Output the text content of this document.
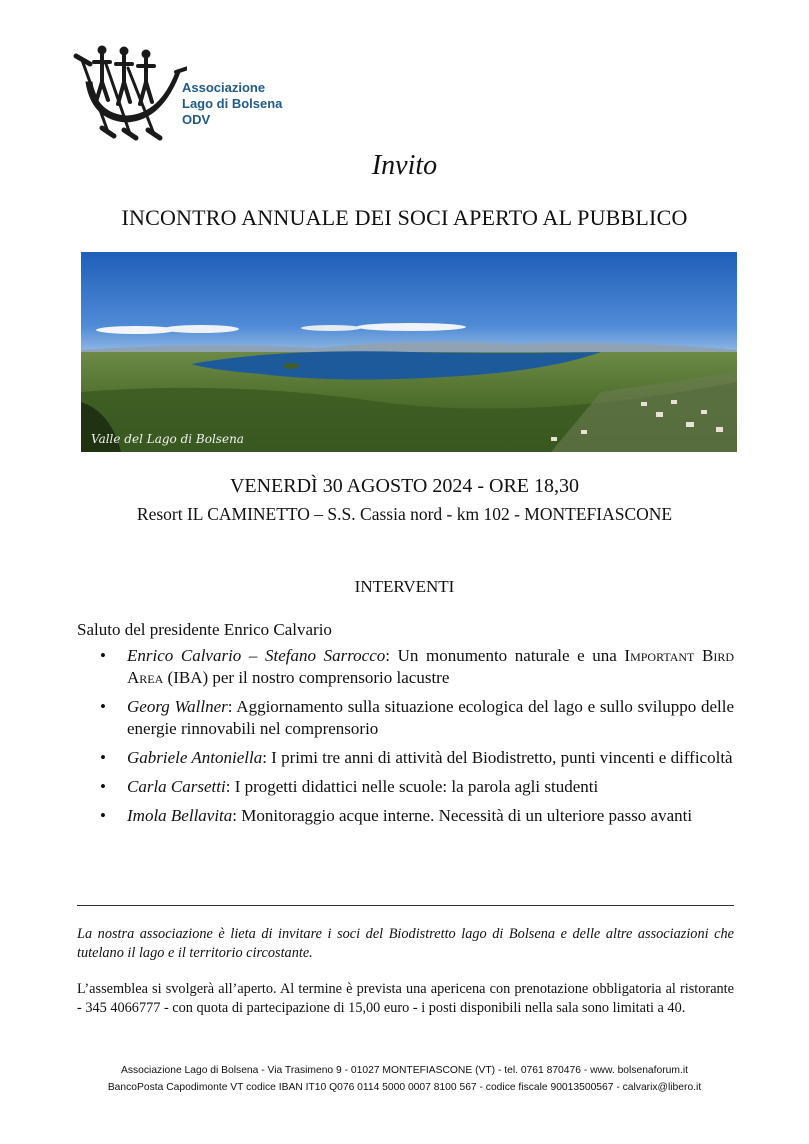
Associazione
Lago di Bolsena
ODV
Invito
INCONTRO ANNUALE DEI SOCI APERTO AL PUBBLICO
Valle del Lago di Bolsena
VENERDÌ 30 AGOSTO 2024 - ORE 18,30
Resort IL CAMINETTO – S.S. Cassia nord - km 102 - MONTEFIASCONE
INTERVENTI
Saluto del presidente Enrico Calvario
• Enrico Calvario – Stefano Sarrocco: Un monumento naturale e una Important Bird Area (IBA) per il nostro comprensorio lacustre
• Georg Wallner: Aggiornamento sulla situazione ecologica del lago e sullo sviluppo delle energie rinnovabili nel comprensorio
• Gabriele Antoniella: I primi tre anni di attività del Biodistretto, punti vincenti e difficoltà
• Carla Carsetti: I progetti didattici nelle scuole: la parola agli studenti
• Imola Bellavita: Monitoraggio acque interne. Necessità di un ulteriore passo avanti
La nostra associazione è lieta di invitare i soci del Biodistretto lago di Bolsena e delle altre associazioni che tutelano il lago e il territorio circostante.
L’assemblea si svolgerà all’aperto. Al termine è prevista una apericena con prenotazione obbligatoria al ristorante - 345 4066777 - con quota di partecipazione di 15,00 euro - i posti disponibili nella sala sono limitati a 40.
Associazione Lago di Bolsena - Via Trasimeno 9 - 01027 MONTEFIASCONE (VT) - tel. 0761 870476 - www. bolsenaforum.it
BancoPosta Capodimonte VT codice IBAN IT10 Q076 0114 5000 0007 8100 567 - codice fiscale 90013500567 - calvarix@libero.it
